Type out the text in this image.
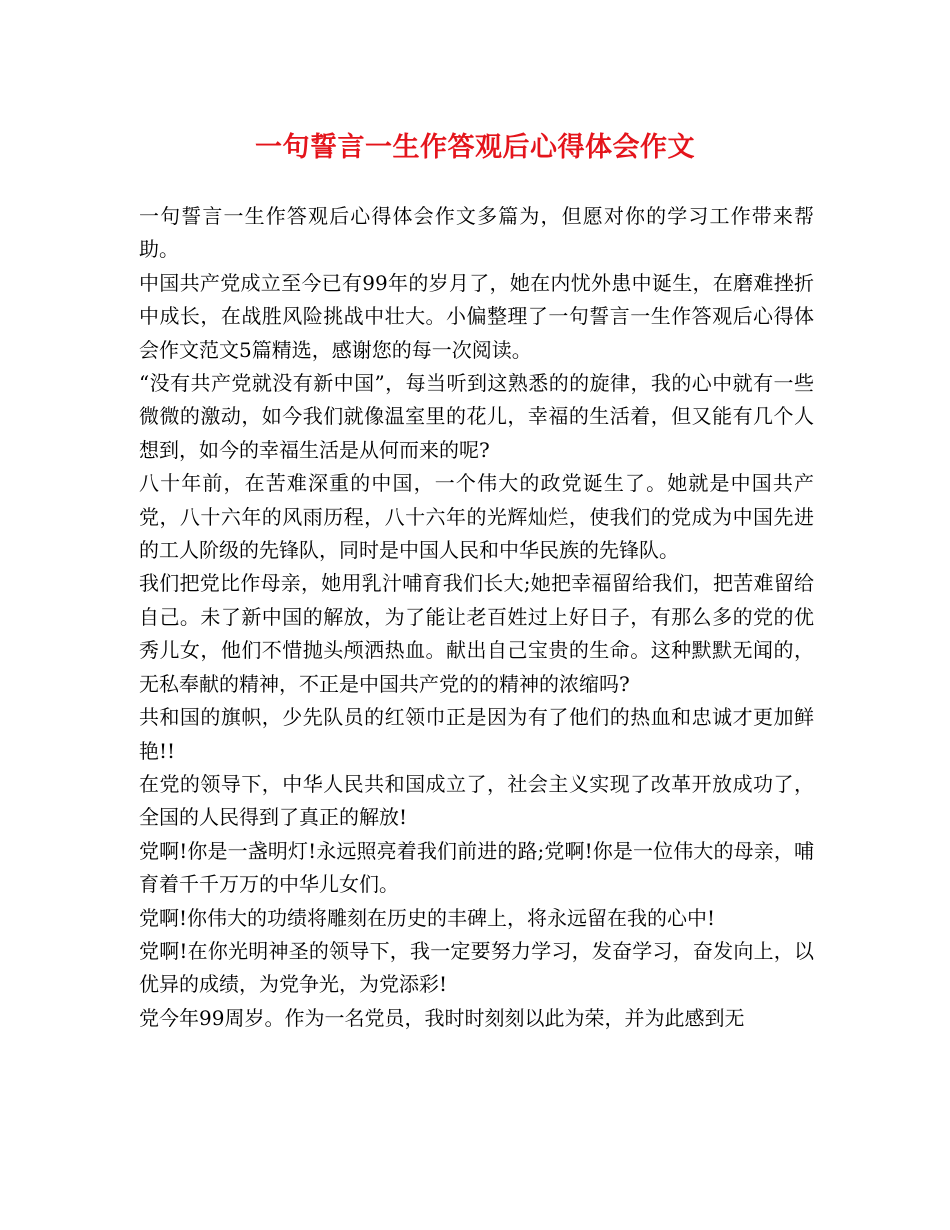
一句誓言一生作答观后心得体会作文

一句誓言一生作答观后心得体会作文多篇为，但愿对你的学习工作带来帮助。

中国共产党成立至今已有99年的岁月了，她在内忧外患中诞生，在磨难挫折中成长，在战胜风险挑战中壮大。小偏整理了一句誓言一生作答观后心得体会作文范文5篇精选，感谢您的每一次阅读。

“没有共产党就没有新中国”，每当听到这熟悉的的旋律，我的心中就有一些微微的激动，如今我们就像温室里的花儿，幸福的生活着，但又能有几个人想到，如今的幸福生活是从何而来的呢?

八十年前，在苦难深重的中国，一个伟大的政党诞生了。她就是中国共产党，八十六年的风雨历程，八十六年的光辉灿烂，使我们的党成为中国先进的工人阶级的先锋队，同时是中国人民和中华民族的先锋队。

我们把党比作母亲，她用乳汁哺育我们长大;她把幸福留给我们，把苦难留给自己。未了新中国的解放，为了能让老百姓过上好日子，有那么多的党的优秀儿女，他们不惜抛头颅洒热血。献出自己宝贵的生命。这种默默无闻的，无私奉献的精神，不正是中国共产党的的精神的浓缩吗?

共和国的旗帜，少先队员的红领巾正是因为有了他们的热血和忠诚才更加鲜艳!!

在党的领导下，中华人民共和国成立了，社会主义实现了改革开放成功了，全国的人民得到了真正的解放!

党啊!你是一盏明灯!永远照亮着我们前进的路;党啊!你是一位伟大的母亲，哺育着千千万万的中华儿女们。

党啊!你伟大的功绩将雕刻在历史的丰碑上，将永远留在我的心中!

党啊!在你光明神圣的领导下，我一定要努力学习，发奋学习，奋发向上，以优异的成绩，为党争光，为党添彩!

党今年99周岁。作为一名党员，我时时刻刻以此为荣，并为此感到无
